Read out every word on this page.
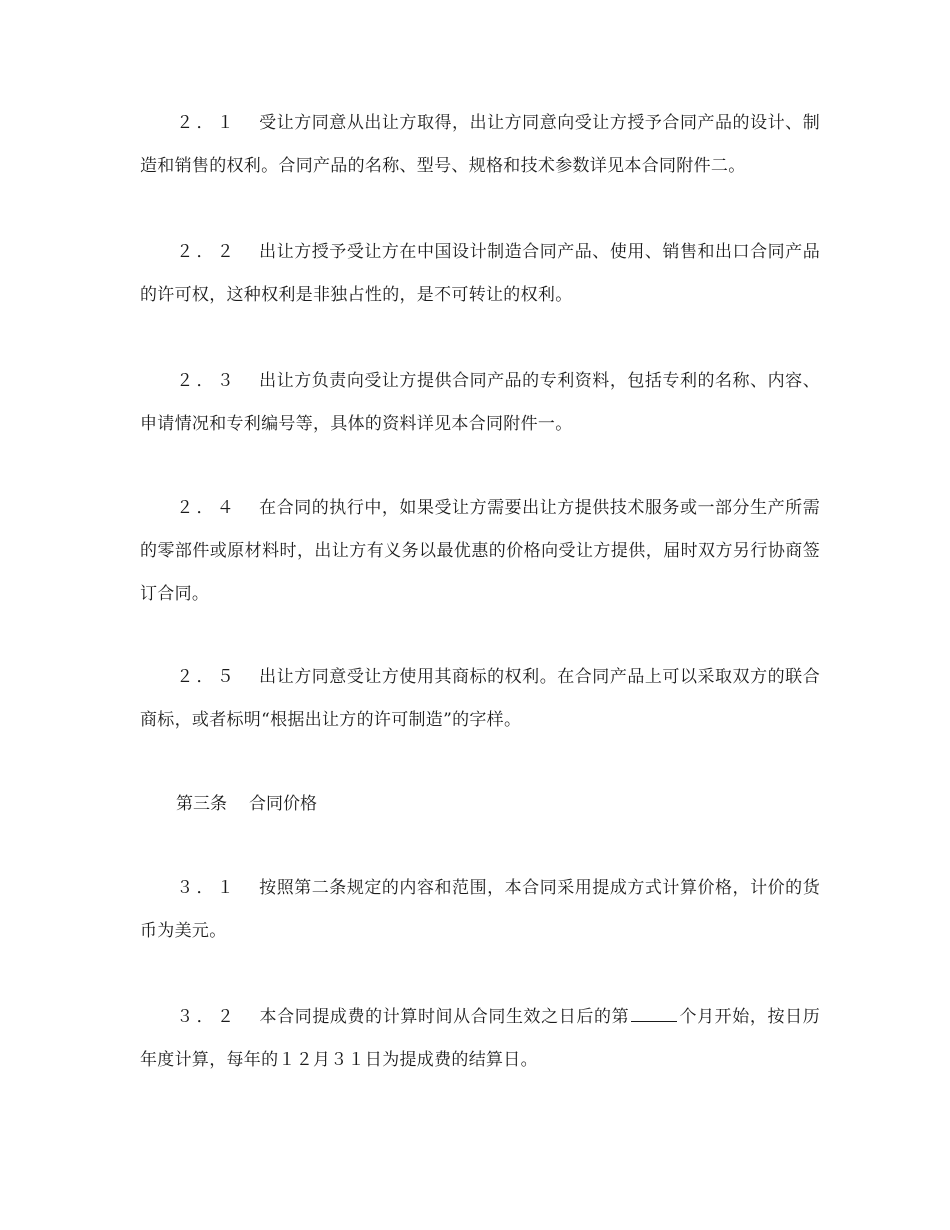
２．１ 受让方同意从出让方取得，出让方同意向受让方授予合同产品的设计、制造和销售的权利。合同产品的名称、型号、规格和技术参数详见本合同附件二。

２．２ 出让方授予受让方在中国设计制造合同产品、使用、销售和出口合同产品的许可权，这种权利是非独占性的，是不可转让的权利。

２．３ 出让方负责向受让方提供合同产品的专利资料，包括专利的名称、内容、申请情况和专利编号等，具体的资料详见本合同附件一。

２．４ 在合同的执行中，如果受让方需要出让方提供技术服务或一部分生产所需的零部件或原材料时，出让方有义务以最优惠的价格向受让方提供，届时双方另行协商签订合同。

２．５ 出让方同意受让方使用其商标的权利。在合同产品上可以采取双方的联合商标，或者标明“根据出让方的许可制造”的字样。

第三条 合同价格

３．１ 按照第二条规定的内容和范围，本合同采用提成方式计算价格，计价的货币为美元。

３．２ 本合同提成费的计算时间从合同生效之日后的第	个月开始，按日历年度计算，每年的１２月３１日为提成费的结算日。
